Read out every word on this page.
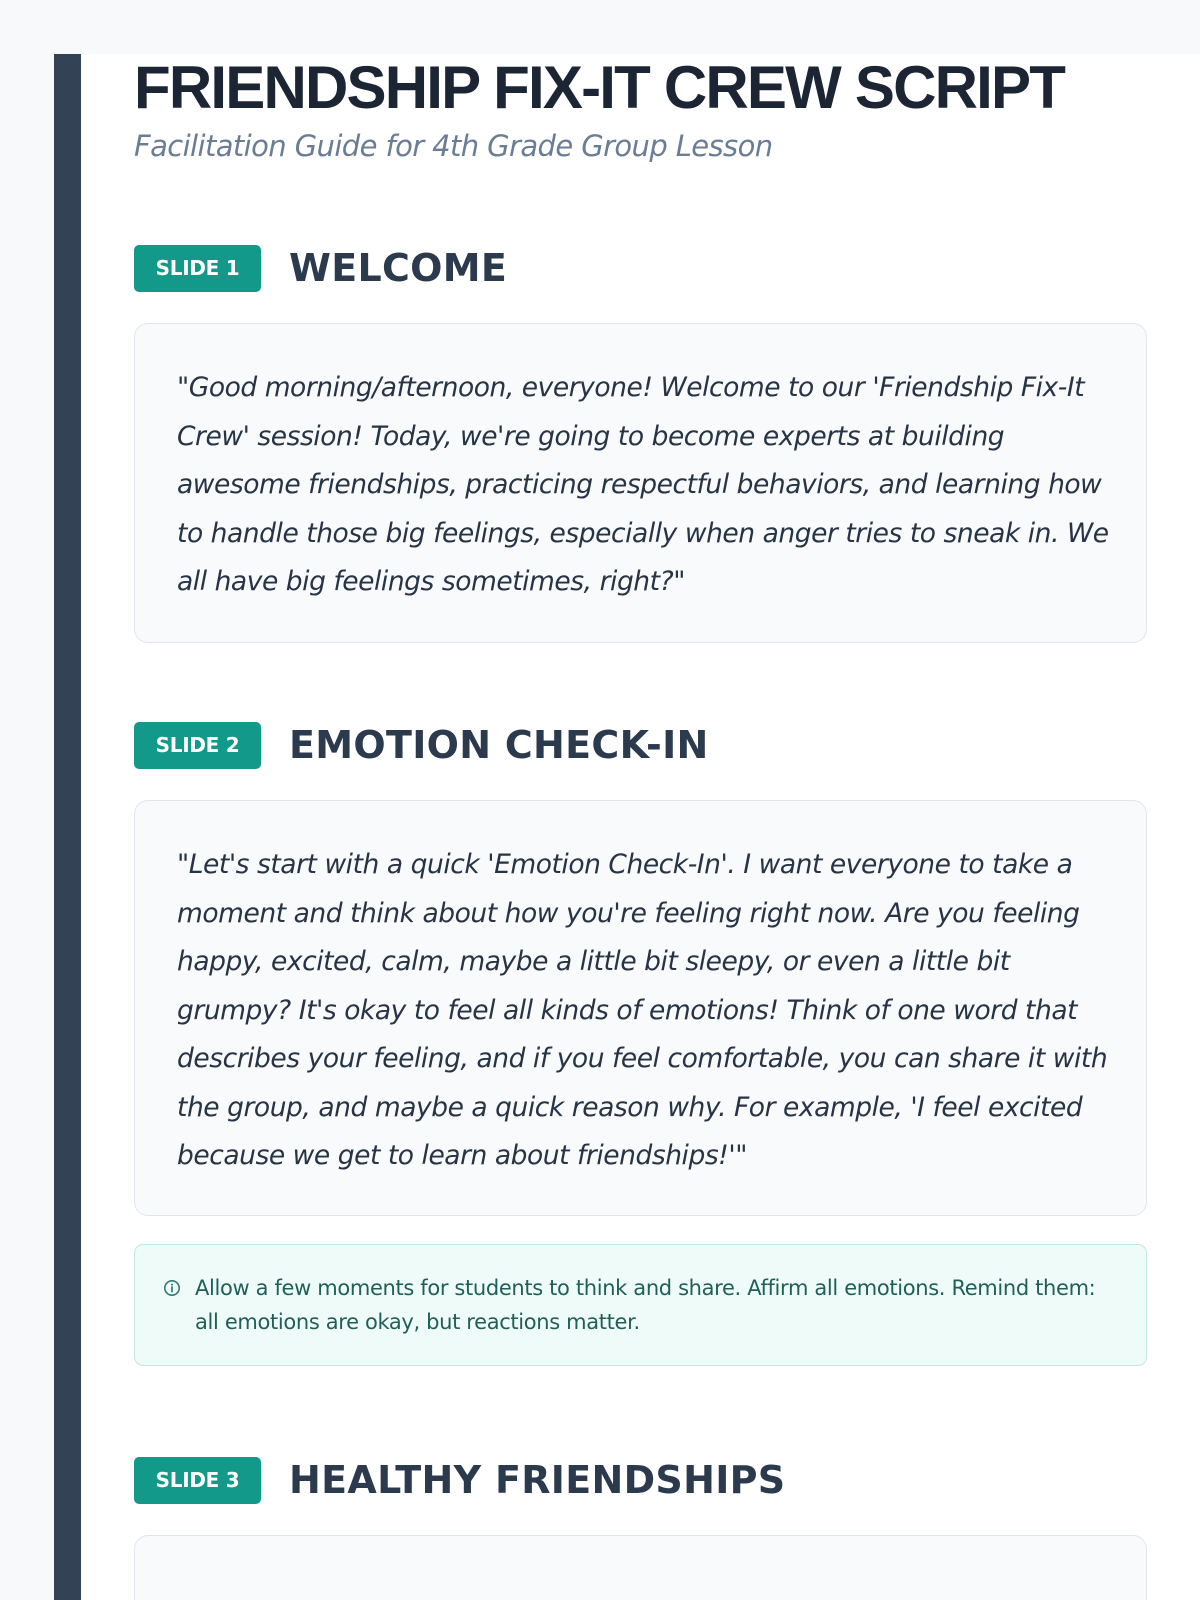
FRIENDSHIP FIX-IT CREW SCRIPT

Facilitation Guide for 4th Grade Group Lesson

SLIDE 1	WELCOME

"Good morning/afternoon, everyone! Welcome to our 'Friendship Fix-It Crew' session! Today, we're going to become experts at building awesome friendships, practicing respectful behaviors, and learning how to handle those big feelings, especially when anger tries to sneak in. We all have big feelings sometimes, right?"

SLIDE 2	EMOTION CHECK-IN

"Let's start with a quick 'Emotion Check-In'. I want everyone to take a moment and think about how you're feeling right now. Are you feeling happy, excited, calm, maybe a little bit sleepy, or even a little bit grumpy? It's okay to feel all kinds of emotions! Think of one word that describes your feeling, and if you feel comfortable, you can share it with the group, and maybe a quick reason why. For example, 'I feel excited because we get to learn about friendships!'"

Allow a few moments for students to think and share. Affirm all emotions. Remind them: all emotions are okay, but reactions matter.

SLIDE 3	HEALTHY FRIENDSHIPS
